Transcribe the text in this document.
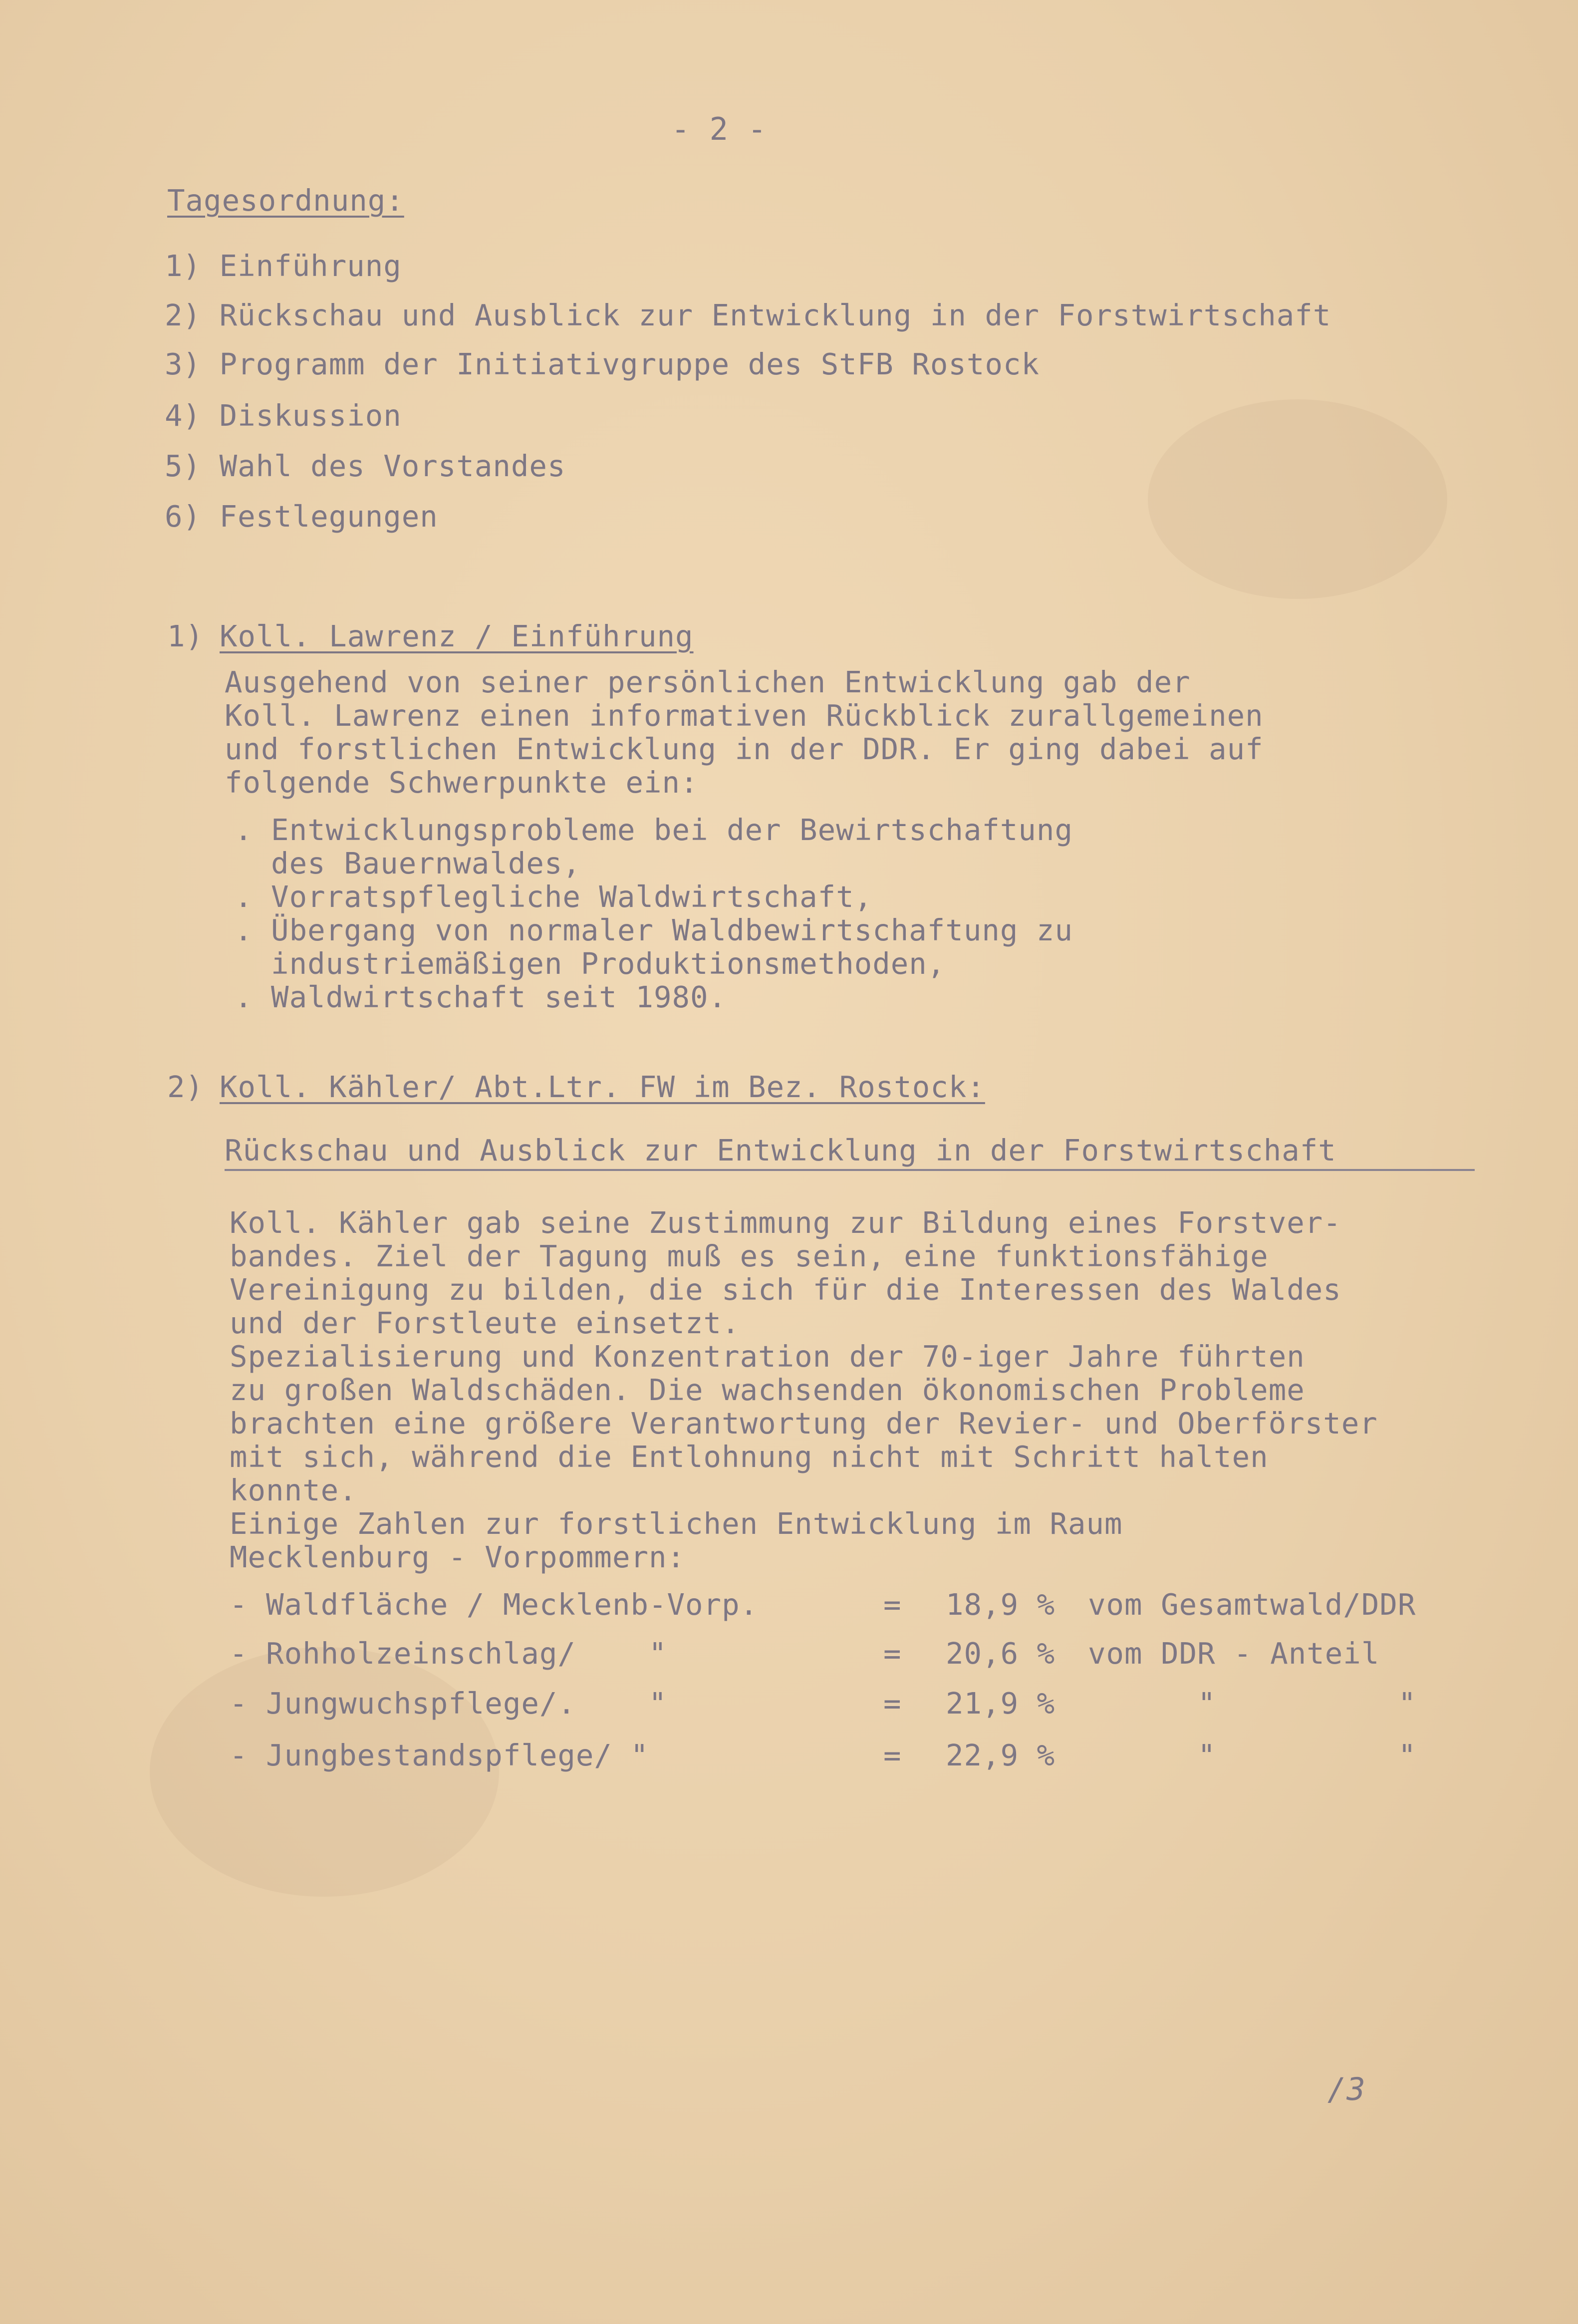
- 2 -
Tagesordnung:
1) Einführung
2) Rückschau und Ausblick zur Entwicklung in der Forstwirtschaft
3) Programm der Initiativgruppe des StFB Rostock
4) Diskussion
5) Wahl des Vorstandes
6) Festlegungen
1) Koll. Lawrenz / Einführung
Ausgehend von seiner persönlichen Entwicklung gab der
Koll. Lawrenz einen informativen Rückblick zurallgemeinen
und forstlichen Entwicklung in der DDR. Er ging dabei auf
folgende Schwerpunkte ein:
. Entwicklungsprobleme bei der Bewirtschaftung
des Bauernwaldes,
. Vorratspflegliche Waldwirtschaft,
. Übergang von normaler Waldbewirtschaftung zu
industriemäßigen Produktionsmethoden,
. Waldwirtschaft seit 1980.
2) Koll. Kähler/ Abt.Ltr. FW im Bez. Rostock:
Rückschau und Ausblick zur Entwicklung in der Forstwirtschaft
Koll. Kähler gab seine Zustimmung zur Bildung eines Forstver-
bandes. Ziel der Tagung muß es sein, eine funktionsfähige
Vereinigung zu bilden, die sich für die Interessen des Waldes
und der Forstleute einsetzt.
Spezialisierung und Konzentration der 70-iger Jahre führten
zu großen Waldschäden. Die wachsenden ökonomischen Probleme
brachten eine größere Verantwortung der Revier- und Oberförster
mit sich, während die Entlohnung nicht mit Schritt halten
konnte.
Einige Zahlen zur forstlichen Entwicklung im Raum
Mecklenburg - Vorpommern:
- Waldfläche / Mecklenb-Vorp.	= 18,9 % vom Gesamtwald/DDR
- Rohholzeinschlag/    "	= 20,6 % vom DDR - Anteil
- Jungwuchspflege/.    "	= 21,9 %	"          "
- Jungbestandspflege/ "	= 22,9 %	"          "
/3
